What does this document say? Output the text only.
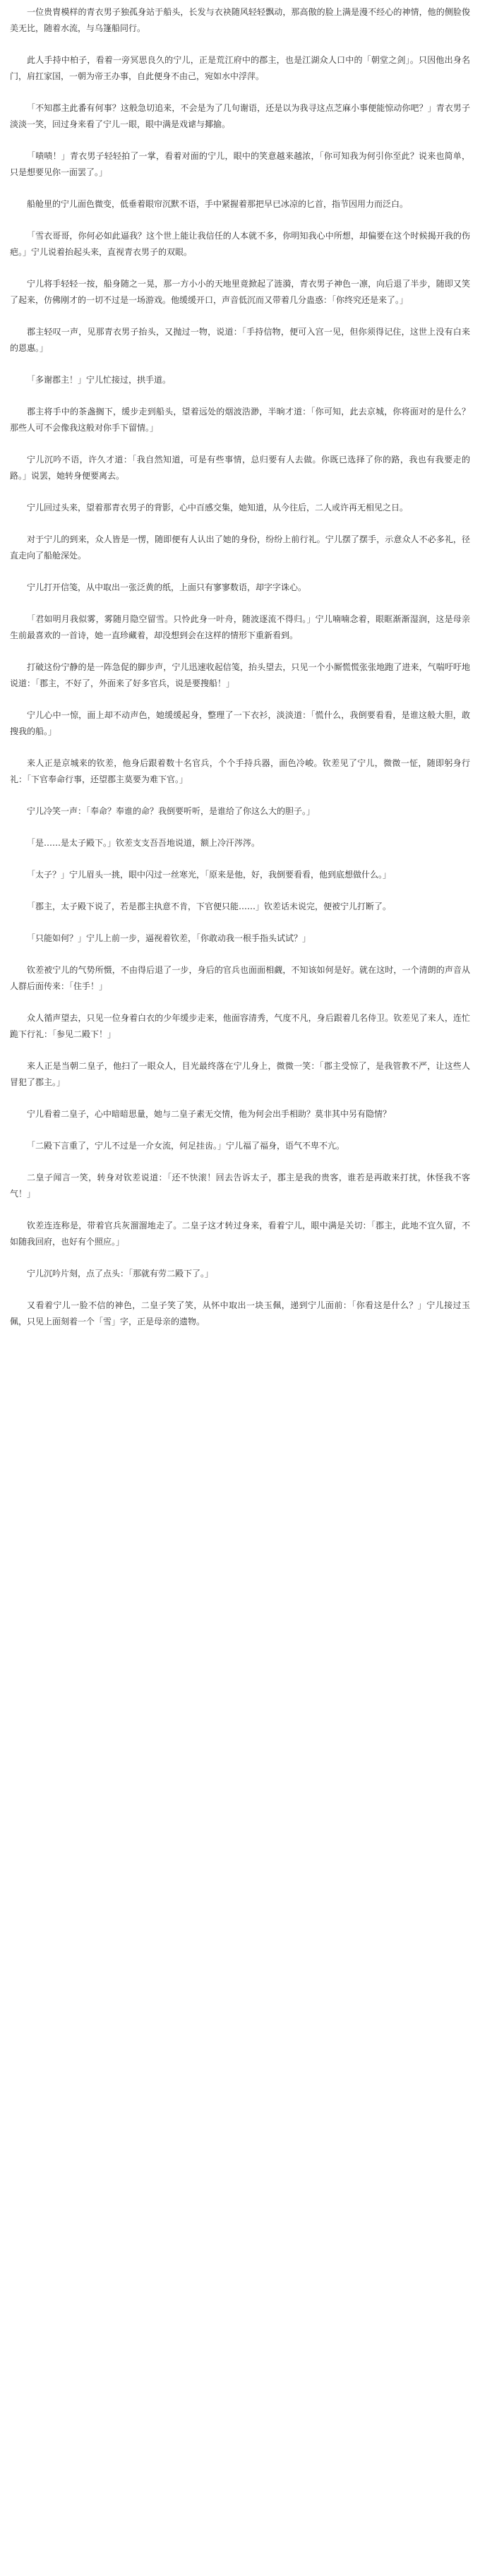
一位贵胄模样的青衣男子独孤身站于船头，长发与衣袂随风轻轻飘动，那高傲的脸上满是漫不经心的神情，他的侧脸俊美无比，随着水流，与乌篷船同行。

此人手持中柏子，看着一旁冥思良久的宁儿，正是荒江府中的郡主，也是江湖众人口中的「朝堂之剑」。只因他出身名门，肩扛家国，一朝为帝王办事，自此便身不由己，宛如水中浮萍。

「不知郡主此番有何事？这般急切追来，不会是为了几句谢语，还是以为我寻这点芝麻小事便能惊动你吧？」青衣男子淡淡一笑，回过身来看了宁儿一眼，眼中满是戏谑与揶揄。

「啧啧！」青衣男子轻轻拍了一掌，看着对面的宁儿，眼中的笑意越来越浓，「你可知我为何引你至此？说来也简单，只是想要见你一面罢了。」

船舱里的宁儿面色微变，低垂着眼帘沉默不语，手中紧握着那把早已冰凉的匕首，指节因用力而泛白。

「雪衣哥哥，你何必如此逼我？这个世上能让我信任的人本就不多，你明知我心中所想，却偏要在这个时候揭开我的伤疤。」宁儿说着抬起头来，直视青衣男子的双眼。

宁儿将手轻轻一按，船身随之一晃，那一方小小的天地里竟掀起了涟漪，青衣男子神色一凛，向后退了半步，随即又笑了起来，仿佛刚才的一切不过是一场游戏。他缓缓开口，声音低沉而又带着几分蛊惑：「你终究还是来了。」

郡主轻叹一声，见那青衣男子抬头，又抛过一物，说道：「手持信物，便可入宫一见，但你须得记住，这世上没有白来的恩惠。」

「多谢郡主！」宁儿忙接过，拱手道。

郡主将手中的茶盏搁下，缓步走到船头，望着远处的烟波浩渺，半晌才道：「你可知，此去京城，你将面对的是什么？那些人可不会像我这般对你手下留情。」

宁儿沉吟不语，许久才道：「我自然知道，可是有些事情，总归要有人去做。你既已选择了你的路，我也有我要走的路。」说罢，她转身便要离去。

宁儿回过头来，望着那青衣男子的背影，心中百感交集，她知道，从今往后，二人或许再无相见之日。

对于宁儿的到来，众人皆是一愣，随即便有人认出了她的身份，纷纷上前行礼。宁儿摆了摆手，示意众人不必多礼，径直走向了船舱深处。

宁儿打开信笺，从中取出一张泛黄的纸，上面只有寥寥数语，却字字诛心。

「君如明月我似雾，雾随月隐空留雪。只怜此身一叶舟，随波逐流不得归。」宁儿喃喃念着，眼眶渐渐湿润，这是母亲生前最喜欢的一首诗，她一直珍藏着，却没想到会在这样的情形下重新看到。

打破这份宁静的是一阵急促的脚步声，宁儿迅速收起信笺，抬头望去，只见一个小厮慌慌张张地跑了进来，气喘吁吁地说道：「郡主，不好了，外面来了好多官兵，说是要搜船！」

宁儿心中一惊，面上却不动声色，她缓缓起身，整理了一下衣衫，淡淡道：「慌什么，我倒要看看，是谁这般大胆，敢搜我的船。」

来人正是京城来的钦差，他身后跟着数十名官兵，个个手持兵器，面色冷峻。钦差见了宁儿，微微一怔，随即躬身行礼：「下官奉命行事，还望郡主莫要为难下官。」

宁儿冷笑一声：「奉命？奉谁的命？我倒要听听，是谁给了你这么大的胆子。」

「是……是太子殿下。」钦差支支吾吾地说道，额上冷汗涔涔。

「太子？」宁儿眉头一挑，眼中闪过一丝寒光，「原来是他，好，我倒要看看，他到底想做什么。」

「郡主，太子殿下说了，若是郡主执意不肯，下官便只能……」钦差话未说完，便被宁儿打断了。

「只能如何？」宁儿上前一步，逼视着钦差，「你敢动我一根手指头试试？」

钦差被宁儿的气势所慑，不由得后退了一步，身后的官兵也面面相觑，不知该如何是好。就在这时，一个清朗的声音从人群后面传来：「住手！」

众人循声望去，只见一位身着白衣的少年缓步走来，他面容清秀，气度不凡，身后跟着几名侍卫。钦差见了来人，连忙跪下行礼：「参见二殿下！」

来人正是当朝二皇子，他扫了一眼众人，目光最终落在宁儿身上，微微一笑：「郡主受惊了，是我管教不严，让这些人冒犯了郡主。」

宁儿看着二皇子，心中暗暗思量，她与二皇子素无交情，他为何会出手相助？莫非其中另有隐情？

「二殿下言重了，宁儿不过是一介女流，何足挂齿。」宁儿福了福身，语气不卑不亢。

二皇子闻言一笑，转身对钦差说道：「还不快滚！回去告诉太子，郡主是我的贵客，谁若是再敢来打扰，休怪我不客气！」

钦差连连称是，带着官兵灰溜溜地走了。二皇子这才转过身来，看着宁儿，眼中满是关切：「郡主，此地不宜久留，不如随我回府，也好有个照应。」

宁儿沉吟片刻，点了点头：「那就有劳二殿下了。」

又看着宁儿一脸不信的神色，二皇子笑了笑，从怀中取出一块玉佩，递到宁儿面前：「你看这是什么？」宁儿接过玉佩，只见上面刻着一个「雪」字，正是母亲的遗物。
